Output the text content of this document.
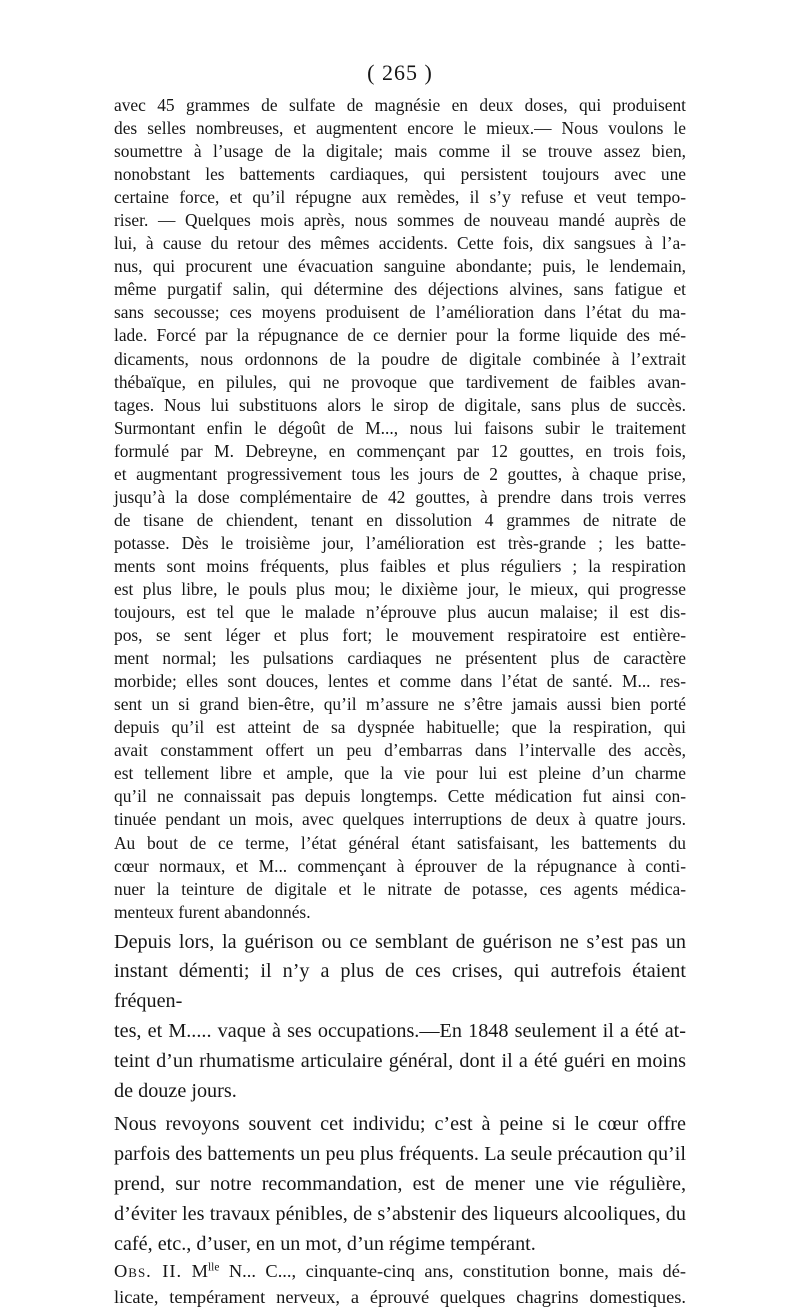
( 265 )

avec 45 grammes de sulfate de magnésie en deux doses, qui produisent

des selles nombreuses, et augmentent encore le mieux.— Nous voulons le

soumettre à l’usage de la digitale; mais comme il se trouve assez bien,

nonobstant les battements cardiaques, qui persistent toujours avec une

certaine force, et qu’il répugne aux remèdes, il s’y refuse et veut tempo-

riser. — Quelques mois après, nous sommes de nouveau mandé auprès de

lui, à cause du retour des mêmes accidents. Cette fois, dix sangsues à l’a-

nus, qui procurent une évacuation sanguine abondante; puis, le lendemain,

même purgatif salin, qui détermine des déjections alvines, sans fatigue et

sans secousse; ces moyens produisent de l’amélioration dans l’état du ma-

lade. Forcé par la répugnance de ce dernier pour la forme liquide des mé-

dicaments, nous ordonnons de la poudre de digitale combinée à l’extrait

thébaïque, en pilules, qui ne provoque que tardivement de faibles avan-

tages. Nous lui substituons alors le sirop de digitale, sans plus de succès.

Surmontant enfin le dégoût de M..., nous lui faisons subir le traitement

formulé par M. Debreyne, en commençant par 12 gouttes, en trois fois,

et augmentant progressivement tous les jours de 2 gouttes, à chaque prise,

jusqu’à la dose complémentaire de 42 gouttes, à prendre dans trois verres

de tisane de chiendent, tenant en dissolution 4 grammes de nitrate de

potasse. Dès le troisième jour, l’amélioration est très-grande ; les batte-

ments sont moins fréquents, plus faibles et plus réguliers ; la respiration

est plus libre, le pouls plus mou; le dixième jour, le mieux, qui progresse

toujours, est tel que le malade n’éprouve plus aucun malaise; il est dis-

pos, se sent léger et plus fort; le mouvement respiratoire est entière-

ment normal; les pulsations cardiaques ne présentent plus de caractère

morbide; elles sont douces, lentes et comme dans l’état de santé. M... res-

sent un si grand bien-être, qu’il m’assure ne s’être jamais aussi bien porté

depuis qu’il est atteint de sa dyspnée habituelle; que la respiration, qui

avait constamment offert un peu d’embarras dans l’intervalle des accès,

est tellement libre et ample, que la vie pour lui est pleine d’un charme

qu’il ne connaissait pas depuis longtemps. Cette médication fut ainsi con-

tinuée pendant un mois, avec quelques interruptions de deux à quatre jours.

Au bout de ce terme, l’état général étant satisfaisant, les battements du

cœur normaux, et M... commençant à éprouver de la répugnance à conti-

nuer la teinture de digitale et le nitrate de potasse, ces agents médica-

menteux furent abandonnés.

Depuis lors, la guérison ou ce semblant de guérison ne s’est pas un

instant démenti; il n’y a plus de ces crises, qui autrefois étaient fréquen-

tes, et M..... vaque à ses occupations.—En 1848 seulement il a été at-

teint d’un rhumatisme articulaire général, dont il a été guéri en moins

de douze jours.

Nous revoyons souvent cet individu; c’est à peine si le cœur offre

parfois des battements un peu plus fréquents. La seule précaution qu’il

prend, sur notre recommandation, est de mener une vie régulière,

d’éviter les travaux pénibles, de s’abstenir des liqueurs alcooliques, du

café, etc., d’user, en un mot, d’un régime tempérant.

Obs. II. $M^{lle}$ N... C..., cinquante-cinq ans, constitution bonne, mais dé-

licate, tempérament nerveux, a éprouvé quelques chagrins domestiques.
